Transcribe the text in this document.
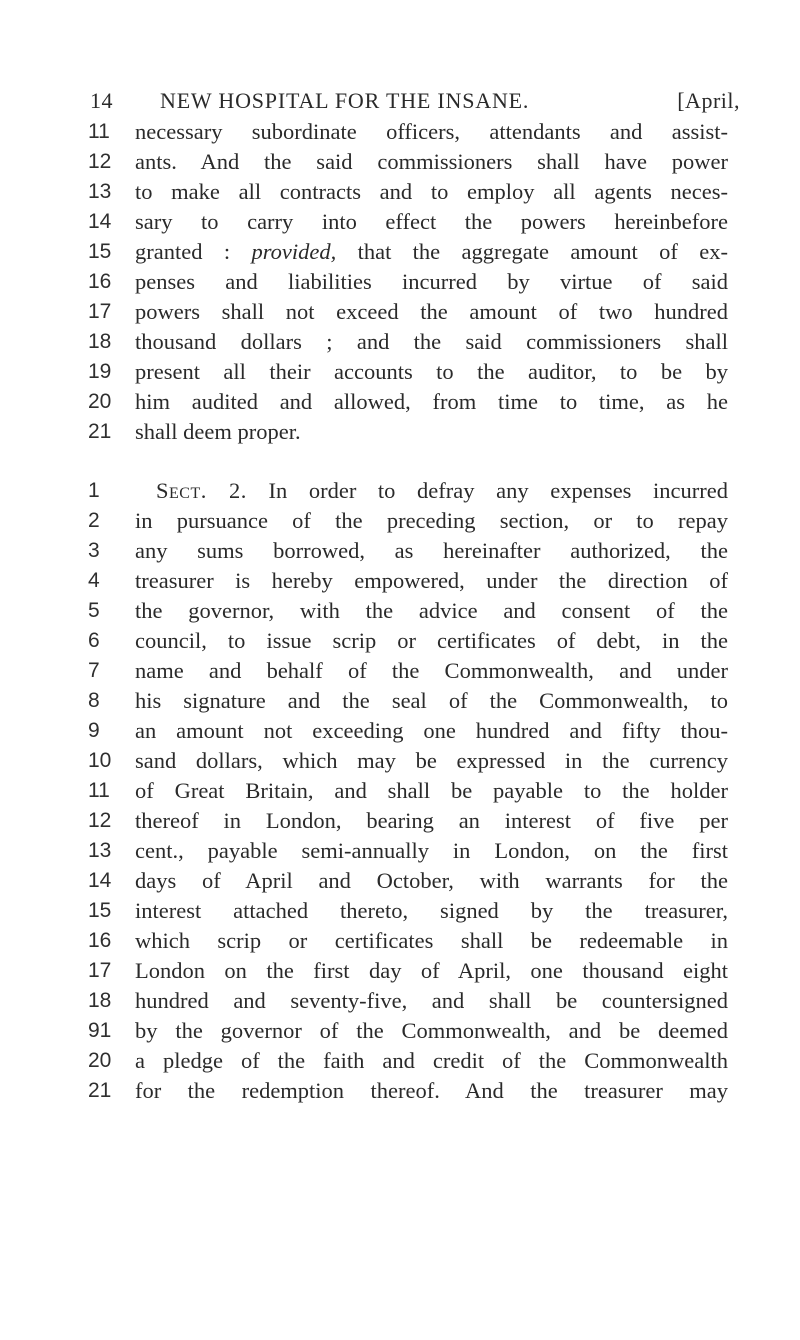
14 NEW HOSPITAL FOR THE INSANE.	[April,
11	necessary subordinate officers, attendants and assist-
12	ants. And the said commissioners shall have power
13	to make all contracts and to employ all agents neces-
14	sary to carry into effect the powers hereinbefore
15	granted : provided, that the aggregate amount of ex-
16	penses and liabilities incurred by virtue of said
17	powers shall not exceed the amount of two hundred
18	thousand dollars ; and the said commissioners shall
19	present all their accounts to the auditor, to be by
20	him audited and allowed, from time to time, as he
21	shall deem proper.
1	Sect. 2. In order to defray any expenses incurred
2	in pursuance of the preceding section, or to repay
3	any sums borrowed, as hereinafter authorized, the
4	treasurer is hereby empowered, under the direction of
5	the governor, with the advice and consent of the
6	council, to issue scrip or certificates of debt, in the
7	name and behalf of the Commonwealth, and under
8	his signature and the seal of the Commonwealth, to
9	an amount not exceeding one hundred and fifty thou-
10	sand dollars, which may be expressed in the currency
11	of Great Britain, and shall be payable to the holder
12	thereof in London, bearing an interest of five per
13	cent., payable semi-annually in London, on the first
14	days of April and October, with warrants for the
15	interest attached thereto, signed by the treasurer,
16	which scrip or certificates shall be redeemable in
17	London on the first day of April, one thousand eight
18	hundred and seventy-five, and shall be countersigned
91	by the governor of the Commonwealth, and be deemed
20	a pledge of the faith and credit of the Commonwealth
21	for the redemption thereof. And the treasurer may
